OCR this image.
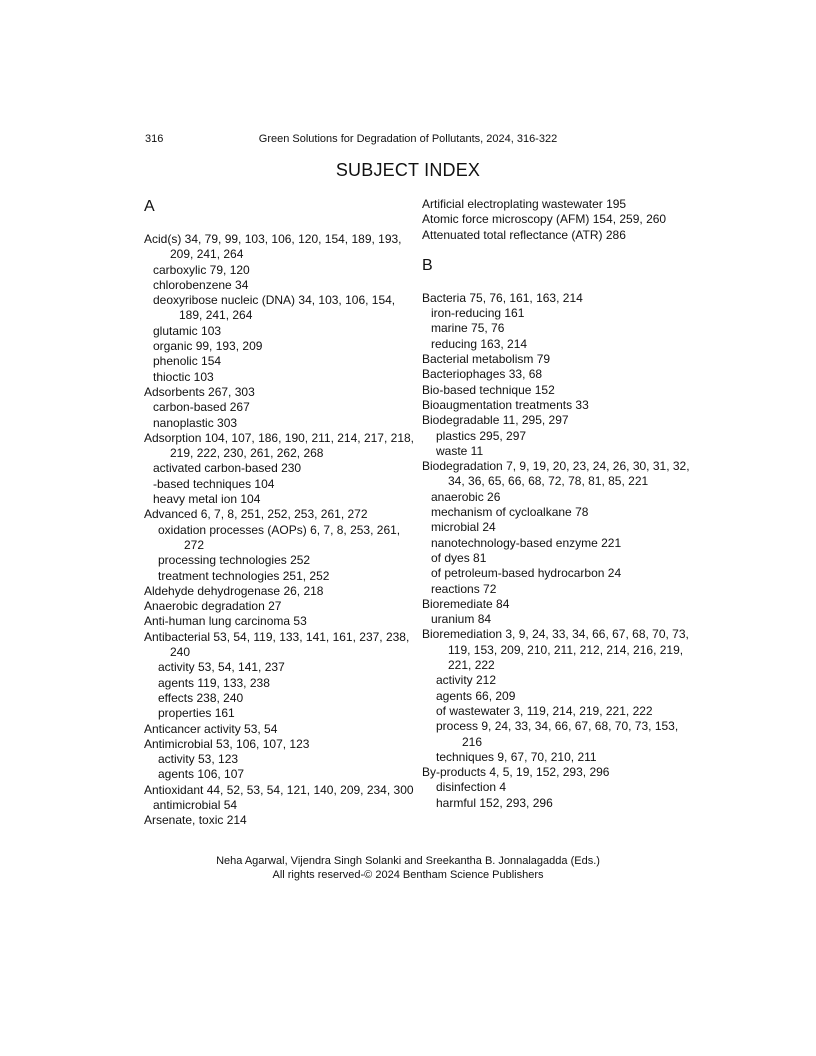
316	Green Solutions for Degradation of Pollutants, 2024, 316-322
SUBJECT INDEX
A
Acid(s) 34, 79, 99, 103, 106, 120, 154, 189, 193, 209, 241, 264
carboxylic 79, 120
chlorobenzene 34
deoxyribose nucleic (DNA) 34, 103, 106, 154, 189, 241, 264
glutamic 103
organic 99, 193, 209
phenolic 154
thioctic 103
Adsorbents 267, 303
carbon-based 267
nanoplastic 303
Adsorption 104, 107, 186, 190, 211, 214, 217, 218, 219, 222, 230, 261, 262, 268
activated carbon-based 230
-based techniques 104
heavy metal ion 104
Advanced 6, 7, 8, 251, 252, 253, 261, 272
oxidation processes (AOPs) 6, 7, 8, 253, 261, 272
processing technologies 252
treatment technologies 251, 252
Aldehyde dehydrogenase 26, 218
Anaerobic degradation 27
Anti-human lung carcinoma 53
Antibacterial 53, 54, 119, 133, 141, 161, 237, 238, 240
activity 53, 54, 141, 237
agents 119, 133, 238
effects 238, 240
properties 161
Anticancer activity 53, 54
Antimicrobial 53, 106, 107, 123
activity 53, 123
agents 106, 107
Antioxidant 44, 52, 53, 54, 121, 140, 209, 234, 300
antimicrobial 54
Arsenate, toxic 214
Artificial electroplating wastewater 195
Atomic force microscopy (AFM) 154, 259, 260
Attenuated total reflectance (ATR) 286
B
Bacteria 75, 76, 161, 163, 214
iron-reducing 161
marine 75, 76
reducing 163, 214
Bacterial metabolism 79
Bacteriophages 33, 68
Bio-based technique 152
Bioaugmentation treatments 33
Biodegradable 11, 295, 297
plastics 295, 297
waste 11
Biodegradation 7, 9, 19, 20, 23, 24, 26, 30, 31, 32, 34, 36, 65, 66, 68, 72, 78, 81, 85, 221
anaerobic 26
mechanism of cycloalkane 78
microbial 24
nanotechnology-based enzyme 221
of dyes 81
of petroleum-based hydrocarbon 24
reactions 72
Bioremediate 84
uranium 84
Bioremediation 3, 9, 24, 33, 34, 66, 67, 68, 70, 73, 119, 153, 209, 210, 211, 212, 214, 216, 219, 221, 222
activity 212
agents 66, 209
of wastewater 3, 119, 214, 219, 221, 222
process 9, 24, 33, 34, 66, 67, 68, 70, 73, 153, 216
techniques 9, 67, 70, 210, 211
By-products 4, 5, 19, 152, 293, 296
disinfection 4
harmful 152, 293, 296
Neha Agarwal, Vijendra Singh Solanki and Sreekantha B. Jonnalagadda (Eds.)
All rights reserved-© 2024 Bentham Science Publishers
